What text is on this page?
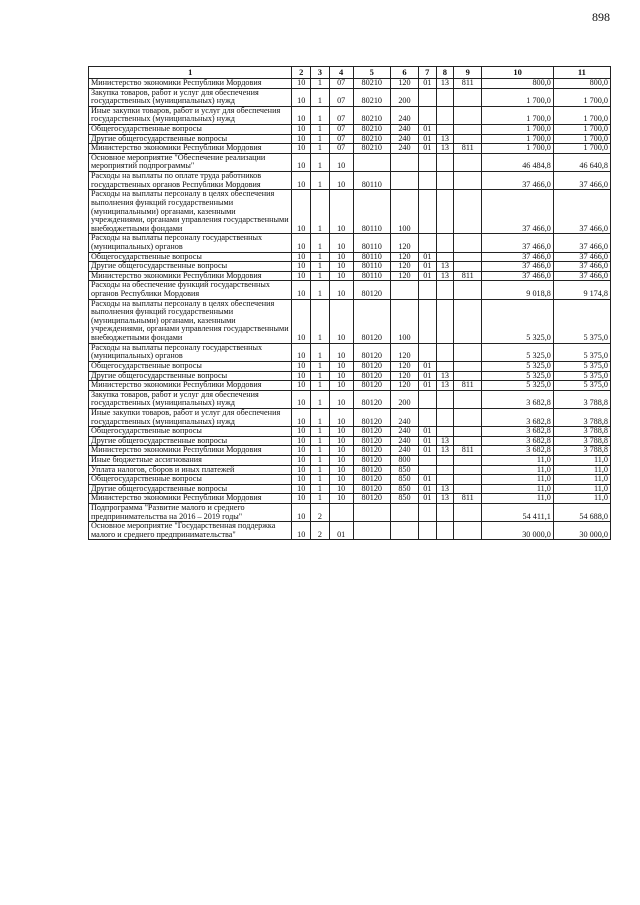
898
1	2	3	4	5	6	7	8	9	10	11
Министерство экономики Республики Мордовия	10	1	07	80210	120	01	13	811	800,0	800,0
Закупка товаров, работ и услуг для обеспечения государственных (муниципальных) нужд	10	1	07	80210	200				1 700,0	1 700,0
Иные закупки товаров, работ и услуг для обеспечения государственных (муниципальных) нужд	10	1	07	80210	240				1 700,0	1 700,0
Общегосударственные вопросы	10	1	07	80210	240	01			1 700,0	1 700,0
Другие общегосударственные вопросы	10	1	07	80210	240	01	13		1 700,0	1 700,0
Министерство экономики Республики Мордовия	10	1	07	80210	240	01	13	811	1 700,0	1 700,0
Основное мероприятие "Обеспечение реализации мероприятий подпрограммы"	10	1	10						46 484,8	46 640,8
Расходы на выплаты по оплате труда работников государственных органов Республики Мордовия	10	1	10	80110					37 466,0	37 466,0
Расходы на выплаты персоналу в целях обеспечения выполнения функций государственными (муниципальными) органами, казенными учреждениями, органами управления государственными внебюджетными фондами	10	1	10	80110	100				37 466,0	37 466,0
Расходы на выплаты персоналу государственных (муниципальных) органов	10	1	10	80110	120				37 466,0	37 466,0
Общегосударственные вопросы	10	1	10	80110	120	01			37 466,0	37 466,0
Другие общегосударственные вопросы	10	1	10	80110	120	01	13		37 466,0	37 466,0
Министерство экономики Республики Мордовия	10	1	10	80110	120	01	13	811	37 466,0	37 466,0
Расходы на обеспечение функций государственных органов Республики Мордовия	10	1	10	80120					9 018,8	9 174,8
Расходы на выплаты персоналу в целях обеспечения выполнения функций государственными (муниципальными) органами, казенными учреждениями, органами управления государственными внебюджетными фондами	10	1	10	80120	100				5 325,0	5 375,0
Расходы на выплаты персоналу государственных (муниципальных) органов	10	1	10	80120	120				5 325,0	5 375,0
Общегосударственные вопросы	10	1	10	80120	120	01			5 325,0	5 375,0
Другие общегосударственные вопросы	10	1	10	80120	120	01	13		5 325,0	5 375,0
Министерство экономики Республики Мордовия	10	1	10	80120	120	01	13	811	5 325,0	5 375,0
Закупка товаров, работ и услуг для обеспечения государственных (муниципальных) нужд	10	1	10	80120	200				3 682,8	3 788,8
Иные закупки товаров, работ и услуг для обеспечения государственных (муниципальных) нужд	10	1	10	80120	240				3 682,8	3 788,8
Общегосударственные вопросы	10	1	10	80120	240	01			3 682,8	3 788,8
Другие общегосударственные вопросы	10	1	10	80120	240	01	13		3 682,8	3 788,8
Министерство экономики Республики Мордовия	10	1	10	80120	240	01	13	811	3 682,8	3 788,8
Иные бюджетные ассигнования	10	1	10	80120	800				11,0	11,0
Уплата налогов, сборов и иных платежей	10	1	10	80120	850				11,0	11,0
Общегосударственные вопросы	10	1	10	80120	850	01			11,0	11,0
Другие общегосударственные вопросы	10	1	10	80120	850	01	13		11,0	11,0
Министерство экономики Республики Мордовия	10	1	10	80120	850	01	13	811	11,0	11,0
Подпрограмма "Развитие малого и среднего предпринимательства на 2016 – 2019 годы"	10	2							54 411,1	54 688,0
Основное мероприятие "Государственная поддержка малого и среднего предпринимательства"	10	2	01						30 000,0	30 000,0
